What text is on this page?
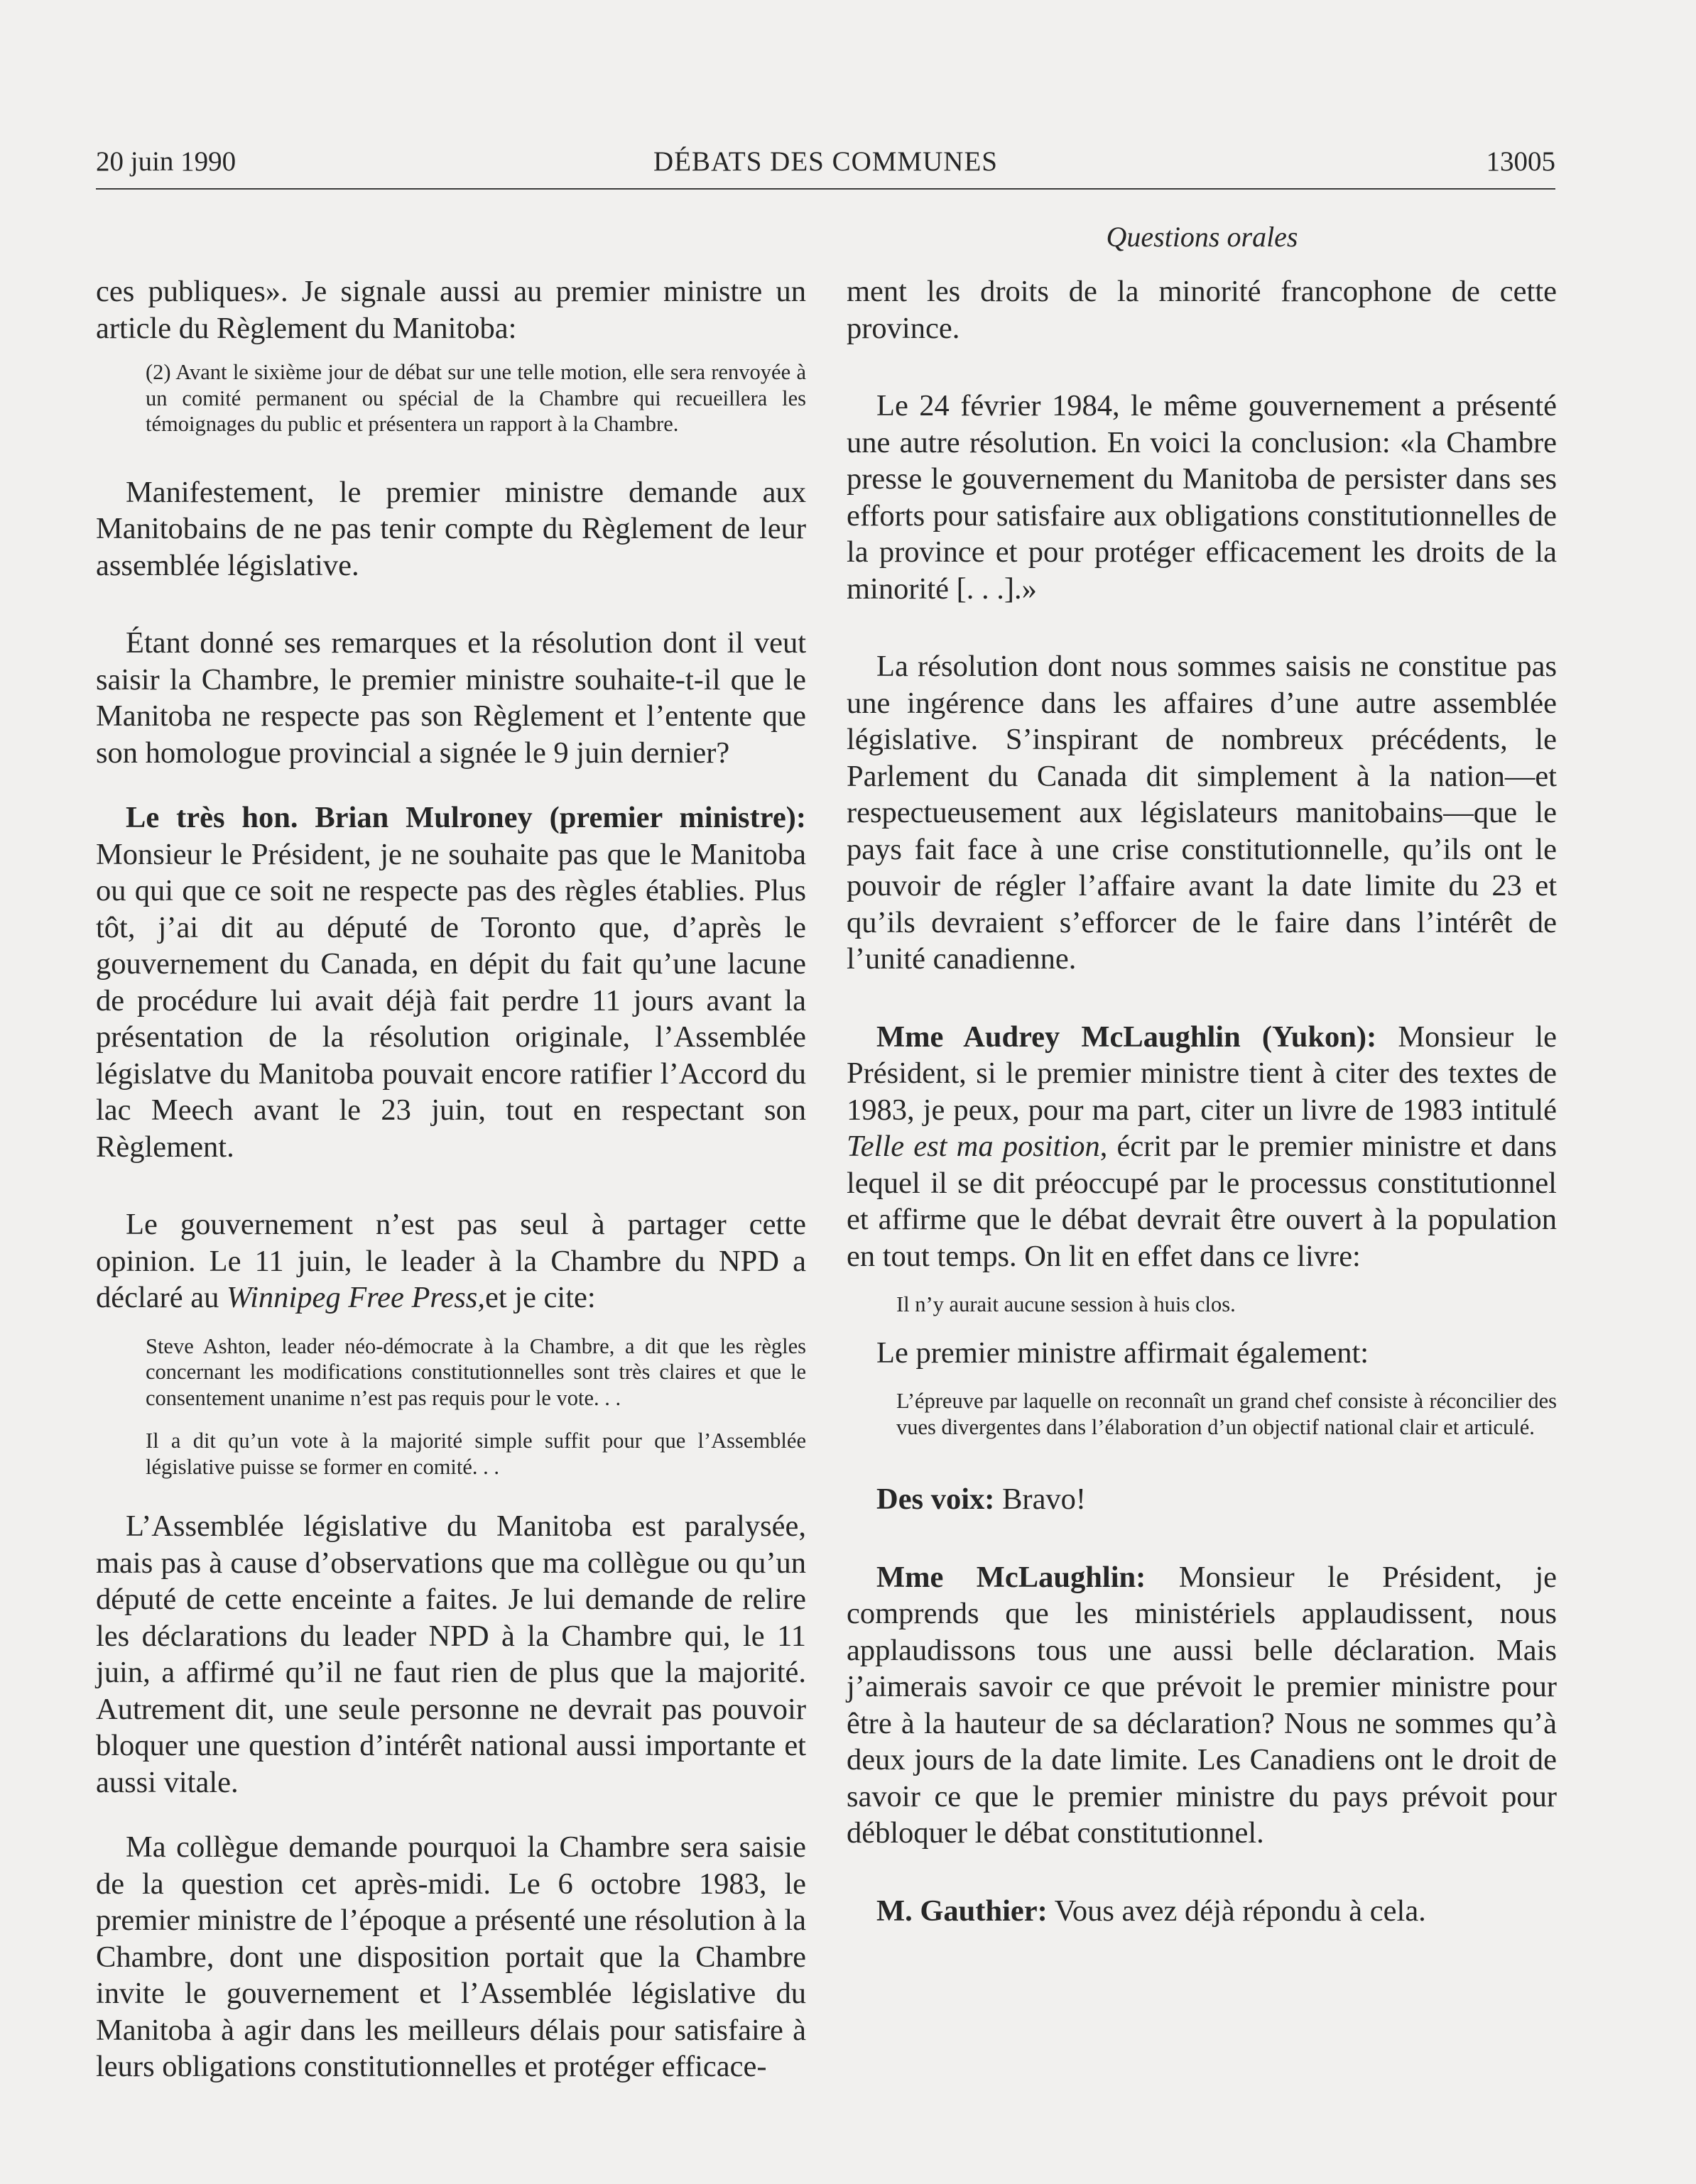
20 juin 1990	DÉBATS DES COMMUNES	13005
Questions orales

ces publiques». Je signale aussi au premier ministre un article du Règlement du Manitoba:

(2) Avant le sixième jour de débat sur une telle motion, elle sera renvoyée à un comité permanent ou spécial de la Chambre qui recueillera les témoignages du public et présentera un rapport à la Chambre.

Manifestement, le premier ministre demande aux Manitobains de ne pas tenir compte du Règlement de leur assemblée législative.

Étant donné ses remarques et la résolution dont il veut saisir la Chambre, le premier ministre souhaite-t-il que le Manitoba ne respecte pas son Règlement et l’entente que son homologue provincial a signée le 9 juin dernier?

Le très hon. Brian Mulroney (premier ministre): Monsieur le Président, je ne souhaite pas que le Manitoba ou qui que ce soit ne respecte pas des règles établies. Plus tôt, j’ai dit au député de Toronto que, d’après le gouvernement du Canada, en dépit du fait qu’une lacune de procédure lui avait déjà fait perdre 11 jours avant la présentation de la résolution originale, l’Assemblée législatve du Manitoba pouvait encore ratifier l’Accord du lac Meech avant le 23 juin, tout en respectant son Règlement.

Le gouvernement n’est pas seul à partager cette opinion. Le 11 juin, le leader à la Chambre du NPD a déclaré au Winnipeg Free Press,et je cite:

Steve Ashton, leader néo-démocrate à la Chambre, a dit que les règles concernant les modifications constitutionnelles sont très claires et que le consentement unanime n’est pas requis pour le vote. . .

Il a dit qu’un vote à la majorité simple suffit pour que l’Assemblée législative puisse se former en comité. . .

L’Assemblée législative du Manitoba est paralysée, mais pas à cause d’observations que ma collègue ou qu’un député de cette enceinte a faites. Je lui demande de relire les déclarations du leader NPD à la Chambre qui, le 11 juin, a affirmé qu’il ne faut rien de plus que la majorité. Autrement dit, une seule personne ne devrait pas pouvoir bloquer une question d’intérêt national aussi importante et aussi vitale.

Ma collègue demande pourquoi la Chambre sera saisie de la question cet après-midi. Le 6 octobre 1983, le premier ministre de l’époque a présenté une résolution à la Chambre, dont une disposition portait que la Chambre invite le gouvernement et l’Assemblée législative du Manitoba à agir dans les meilleurs délais pour satisfaire à leurs obligations constitutionnelles et protéger efficace-

ment les droits de la minorité francophone de cette province.

Le 24 février 1984, le même gouvernement a présenté une autre résolution. En voici la conclusion: «la Chambre presse le gouvernement du Manitoba de persister dans ses efforts pour satisfaire aux obligations constitutionnelles de la province et pour protéger efficacement les droits de la minorité [. . .].»

La résolution dont nous sommes saisis ne constitue pas une ingérence dans les affaires d’une autre assemblée législative. S’inspirant de nombreux précédents, le Parlement du Canada dit simplement à la nation—et respectueusement aux législateurs manitobains—que le pays fait face à une crise constitutionnelle, qu’ils ont le pouvoir de régler l’affaire avant la date limite du 23 et qu’ils devraient s’efforcer de le faire dans l’intérêt de l’unité canadienne.

Mme Audrey McLaughlin (Yukon): Monsieur le Président, si le premier ministre tient à citer des textes de 1983, je peux, pour ma part, citer un livre de 1983 intitulé Telle est ma position, écrit par le premier ministre et dans lequel il se dit préoccupé par le processus constitutionnel et affirme que le débat devrait être ouvert à la population en tout temps. On lit en effet dans ce livre:

Il n’y aurait aucune session à huis clos.

Le premier ministre affirmait également:

L’épreuve par laquelle on reconnaît un grand chef consiste à réconcilier des vues divergentes dans l’élaboration d’un objectif national clair et articulé.

Des voix: Bravo!

Mme McLaughlin: Monsieur le Président, je comprends que les ministériels applaudissent, nous applaudissons tous une aussi belle déclaration. Mais j’aimerais savoir ce que prévoit le premier ministre pour être à la hauteur de sa déclaration? Nous ne sommes qu’à deux jours de la date limite. Les Canadiens ont le droit de savoir ce que le premier ministre du pays prévoit pour débloquer le débat constitutionnel.

M. Gauthier: Vous avez déjà répondu à cela.
